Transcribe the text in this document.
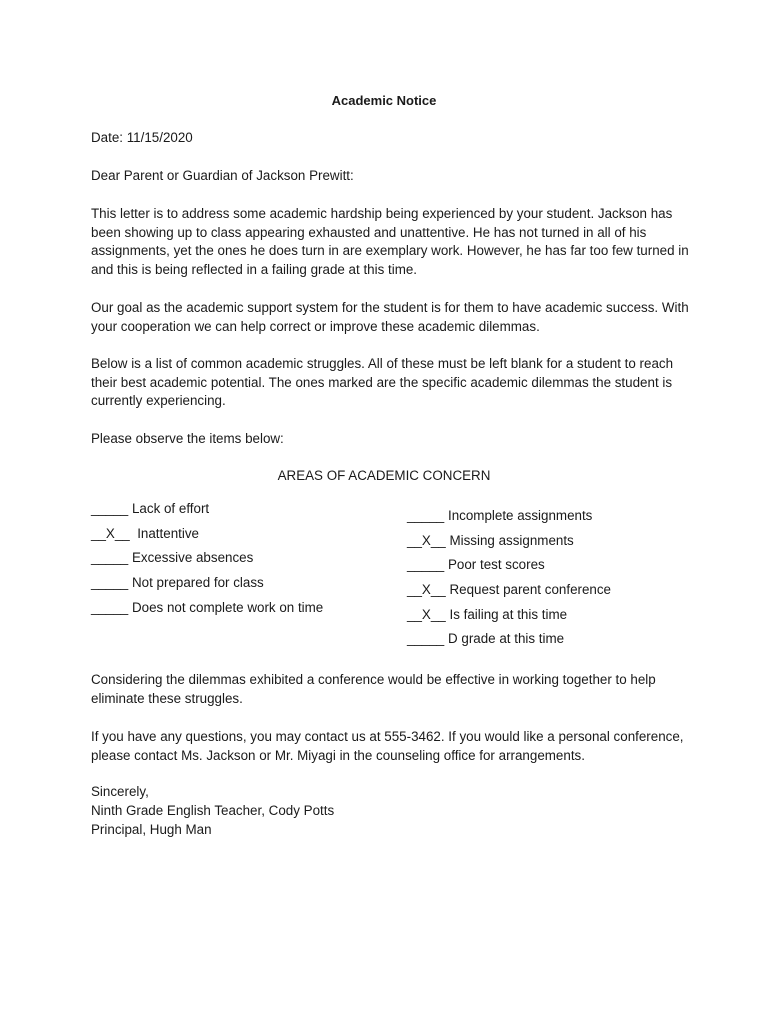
Academic Notice

Date: 11/15/2020

Dear Parent or Guardian of Jackson Prewitt:

This letter is to address some academic hardship being experienced by your student. Jackson has been showing up to class appearing exhausted and unattentive. He has not turned in all of his assignments, yet the ones he does turn in are exemplary work. However, he has far too few turned in and this is being reflected in a failing grade at this time.

Our goal as the academic support system for the student is for them to have academic success. With your cooperation we can help correct or improve these academic dilemmas.

Below is a list of common academic struggles. All of these must be left blank for a student to reach their best academic potential. The ones marked are the specific academic dilemmas the student is currently experiencing.

Please observe the items below:

AREAS OF ACADEMIC CONCERN

_____ Lack of effort
__X__ Inattentive
_____ Excessive absences
_____ Not prepared for class
_____ Does not complete work on time
_____ Incomplete assignments
__X__ Missing assignments
_____ Poor test scores
__X__ Request parent conference
__X__ Is failing at this time
_____ D grade at this time

Considering the dilemmas exhibited a conference would be effective in working together to help eliminate these struggles.

If you have any questions, you may contact us at 555-3462. If you would like a personal conference, please contact Ms. Jackson or Mr. Miyagi in the counseling office for arrangements.

Sincerely,

Ninth Grade English Teacher, Cody Potts

Principal, Hugh Man
